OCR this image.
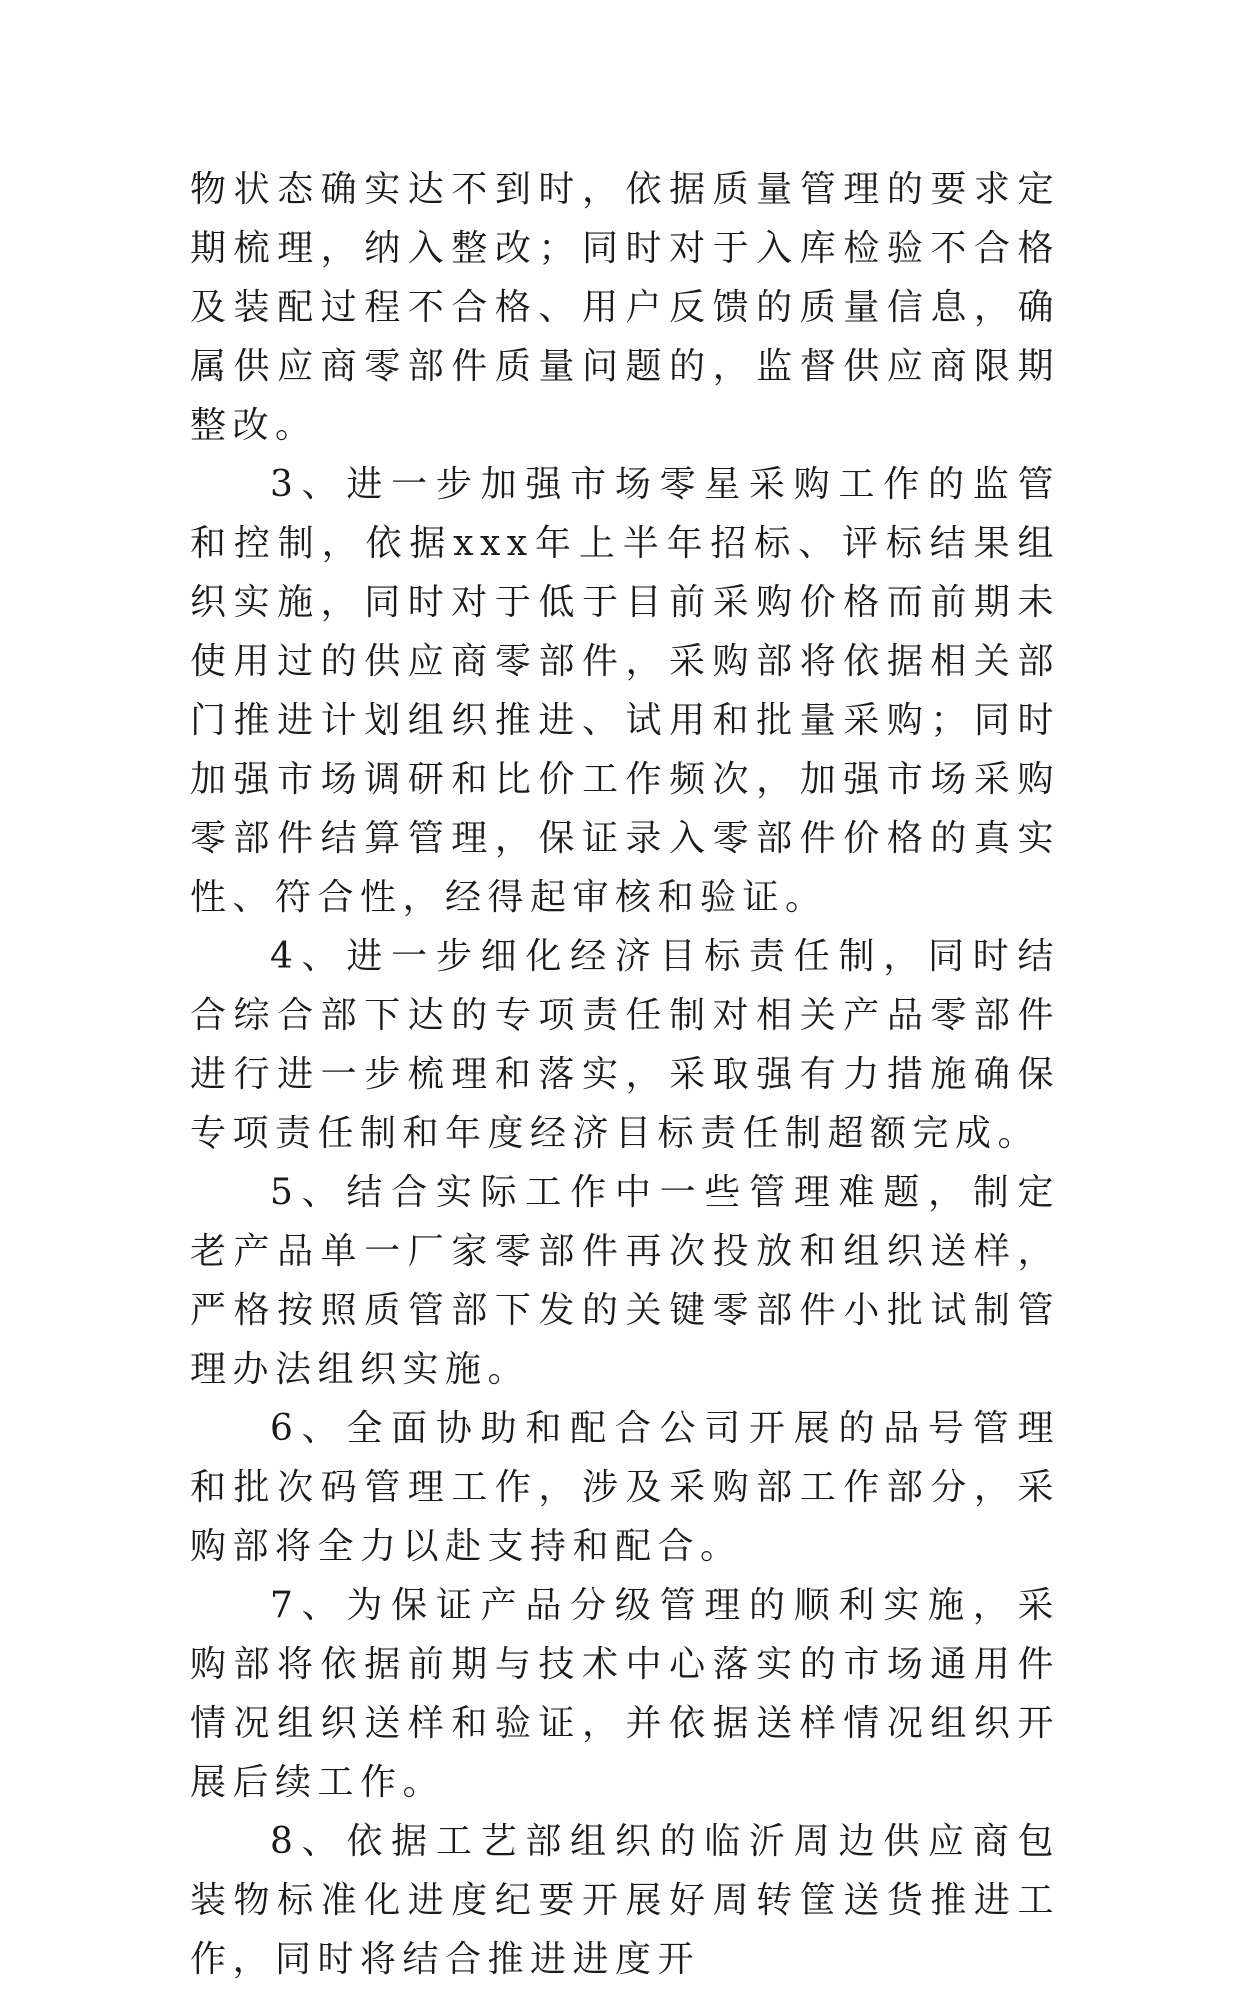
物状态确实达不到时，依据质量管理的要求定期梳理，纳入整改；同时对于入库检验不合格及装配过程不合格、用户反馈的质量信息，确属供应商零部件质量问题的，监督供应商限期整改。

3、进一步加强市场零星采购工作的监管和控制，依据xxx年上半年招标、评标结果组织实施，同时对于低于目前采购价格而前期未使用过的供应商零部件，采购部将依据相关部门推进计划组织推进、试用和批量采购；同时加强市场调研和比价工作频次，加强市场采购零部件结算管理，保证录入零部件价格的真实性、符合性，经得起审核和验证。

4、进一步细化经济目标责任制，同时结合综合部下达的专项责任制对相关产品零部件进行进一步梳理和落实，采取强有力措施确保专项责任制和年度经济目标责任制超额完成。

5、结合实际工作中一些管理难题，制定老产品单一厂家零部件再次投放和组织送样，严格按照质管部下发的关键零部件小批试制管理办法组织实施。

6、全面协助和配合公司开展的品号管理和批次码管理工作，涉及采购部工作部分，采购部将全力以赴支持和配合。

7、为保证产品分级管理的顺利实施，采购部将依据前期与技术中心落实的市场通用件情况组织送样和验证，并依据送样情况组织开展后续工作。

8、依据工艺部组织的临沂周边供应商包装物标准化进度纪要开展好周转筐送货推进工作，同时将结合推进进度开
